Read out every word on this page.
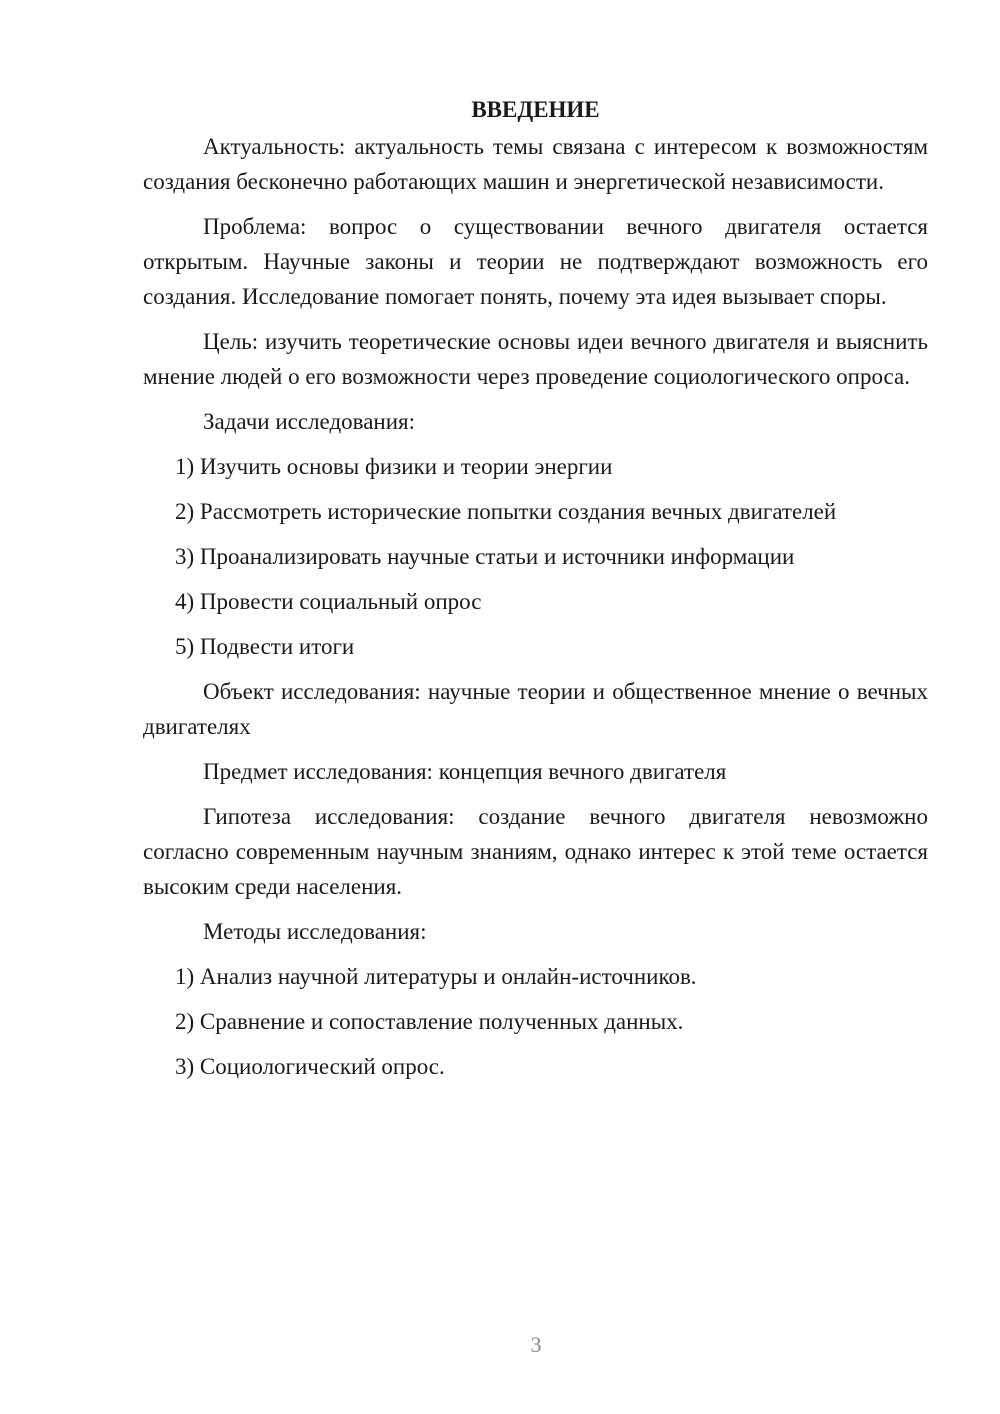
ВВЕДЕНИЕ

Актуальность: актуальность темы связана с интересом к возможностям создания бесконечно работающих машин и энергетической независимости.

Проблема: вопрос о существовании вечного двигателя остается открытым. Научные законы и теории не подтверждают возможность его создания. Исследование помогает понять, почему эта идея вызывает споры.

Цель: изучить теоретические основы идеи вечного двигателя и выяснить мнение людей о его возможности через проведение социологического опроса.

Задачи исследования:

1) Изучить основы физики и теории энергии

2) Рассмотреть исторические попытки создания вечных двигателей

3) Проанализировать научные статьи и источники информации

4) Провести социальный опрос

5) Подвести итоги

Объект исследования: научные теории и общественное мнение о вечных двигателях

Предмет исследования: концепция вечного двигателя

Гипотеза исследования: создание вечного двигателя невозможно согласно современным научным знаниям, однако интерес к этой теме остается высоким среди населения.

Методы исследования:

1) Анализ научной литературы и онлайн-источников.

2) Сравнение и сопоставление полученных данных.

3) Социологический опрос.

3
